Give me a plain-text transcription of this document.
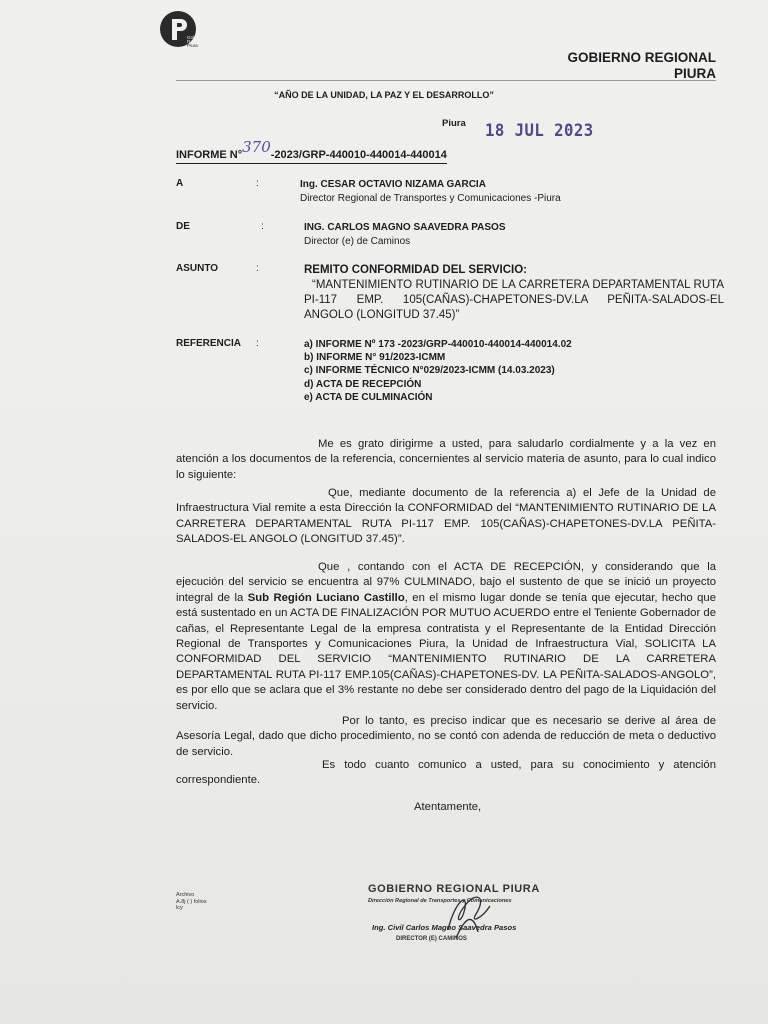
Gobierno
Regional
Piura
GOBIERNO REGIONAL
PIURA
“AÑO DE LA UNIDAD, LA PAZ Y EL DESARROLLO”
Piura 18 JUL 2023
INFORME N°370-2023/GRP-440010-440014-440014
A	:	Ing. CESAR OCTAVIO NIZAMA GARCIA
Director Regional de Transportes y Comunicaciones -Piura
DE	:	ING. CARLOS MAGNO SAAVEDRA PASOS
Director (e) de Caminos
ASUNTO	:	REMITO CONFORMIDAD DEL SERVICIO:
“MANTENIMIENTO RUTINARIO DE LA CARRETERA DEPARTAMENTAL RUTA PI-117 EMP. 105(CAÑAS)-CHAPETONES-DV.LA PEÑITA-SALADOS-EL ANGOLO (LONGITUD 37.45)”
REFERENCIA :	a) INFORME Nº 173 -2023/GRP-440010-440014-440014.02
b) INFORME N° 91/2023-ICMM
c) INFORME TÉCNICO N°029/2023-ICMM (14.03.2023)
d) ACTA DE RECEPCIÓN
e) ACTA DE CULMINACIÓN
Me es grato dirigirme a usted, para saludarlo cordialmente y a la vez en atención a los documentos de la referencia, concernientes al servicio materia de asunto, para lo cual indico lo siguiente:
Que, mediante documento de la referencia a) el Jefe de la Unidad de Infraestructura Vial remite a esta Dirección la CONFORMIDAD del “MANTENIMIENTO RUTINARIO DE LA CARRETERA DEPARTAMENTAL RUTA PI-117 EMP. 105(CAÑAS)-CHAPETONES-DV.LA PEÑITA-SALADOS-EL ANGOLO (LONGITUD 37.45)”.
Que , contando con el ACTA DE RECEPCIÓN, y considerando que la ejecución del servicio se encuentra al 97% CULMINADO, bajo el sustento de que se inició un proyecto integral de la Sub Región Luciano Castillo, en el mismo lugar donde se tenía que ejecutar, hecho que está sustentado en un ACTA DE FINALIZACIÓN POR MUTUO ACUERDO entre el Teniente Gobernador de cañas, el Representante Legal de la empresa contratista y el Representante de la Entidad Dirección Regional de Transportes y Comunicaciones Piura, la Unidad de Infraestructura Vial, SOLICITA LA CONFORMIDAD DEL SERVICIO “MANTENIMIENTO RUTINARIO DE LA CARRETERA DEPARTAMENTAL RUTA PI-117 EMP.105(CAÑAS)-CHAPETONES-DV. LA PEÑITA-SALADOS-ANGOLO”, es por ello que se aclara que el 3% restante no debe ser considerado dentro del pago de la Liquidación del servicio.
Por lo tanto, es preciso indicar que es necesario se derive al área de Asesoría Legal, dado que dicho procedimiento, no se contó con adenda de reducción de meta o deductivo de servicio.
Es todo cuanto comunico a usted, para su conocimiento y atención correspondiente.
Atentamente,
Archivo
A.8j ( ) folios
lcy
GOBIERNO REGIONAL PIURA
Dirección Regional de Transportes y Comunicaciones
Ing. Civil Carlos Magno Saavedra Pasos
DIRECTOR (E) CAMINOS
